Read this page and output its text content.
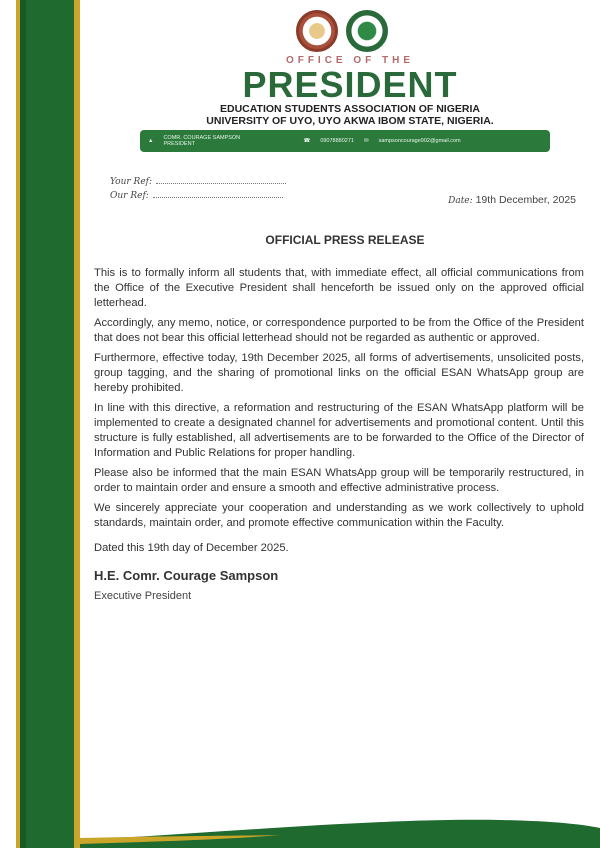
OFFICE OF THE
PRESIDENT
EDUCATION STUDENTS ASSOCIATION OF NIGERIA
UNIVERSITY OF UYO, UYO AKWA IBOM STATE, NIGERIA.
▲ COMR. COURAGE SAMPSON
PRESIDENT	☎ 09078880271 ✉ sampsoncourage902@gmail.com
Your Ref:
Our Ref:	Date: 19th December, 2025
OFFICIAL PRESS RELEASE

This is to formally inform all students that, with immediate effect, all official communications from the Office of the Executive President shall henceforth be issued only on the approved official letterhead.

Accordingly, any memo, notice, or correspondence purported to be from the Office of the President that does not bear this official letterhead should not be regarded as authentic or approved.

Furthermore, effective today, 19th December 2025, all forms of advertisements, unsolicited posts, group tagging, and the sharing of promotional links on the official ESAN WhatsApp group are hereby prohibited.

In line with this directive, a reformation and restructuring of the ESAN WhatsApp platform will be implemented to create a designated channel for advertisements and promotional content. Until this structure is fully established, all advertisements are to be forwarded to the Office of the Director of Information and Public Relations for proper handling.

Please also be informed that the main ESAN WhatsApp group will be temporarily restructured, in order to maintain order and ensure a smooth and effective administrative process.

We sincerely appreciate your cooperation and understanding as we work collectively to uphold standards, maintain order, and promote effective communication within the Faculty.

Dated this 19th day of December 2025.

H.E. Comr. Courage Sampson
Executive President
